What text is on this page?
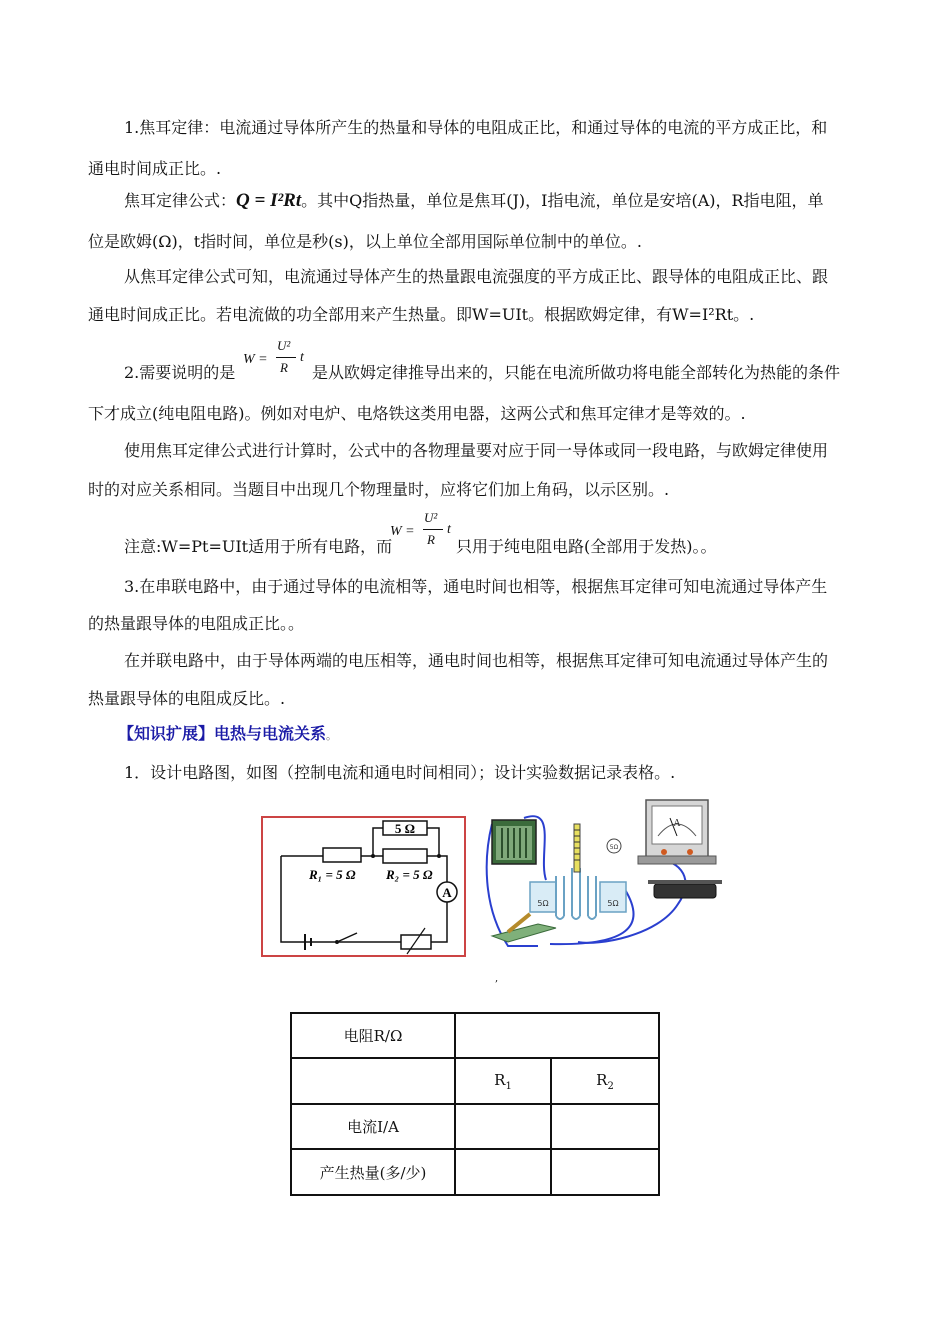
1.焦耳定律：电流通过导体所产生的热量和导体的电阻成正比，和通过导体的电流的平方成正比，和
通电时间成正比。.
焦耳定律公式：Q = I²Rt。其中Q指热量，单位是焦耳(J)，I指电流，单位是安培(A)，R指电阻，单
位是欧姆(Ω)，t指时间，单位是秒(s)，以上单位全部用国际单位制中的单位。.
从焦耳定律公式可知，电流通过导体产生的热量跟电流强度的平方成正比、跟导体的电阻成正比、跟
通电时间成正比。若电流做的功全部用来产生热量。即W=UIt。根据欧姆定律，有W=I²Rt。.
2.需要说明的是
W =
U²
R
t
是从欧姆定律推导出来的，只能在电流所做功将电能全部转化为热能的条件
下才成立(纯电阻电路)。例如对电炉、电烙铁这类用电器，这两公式和焦耳定律才是等效的。.
使用焦耳定律公式进行计算时，公式中的各物理量要对应于同一导体或同一段电路，与欧姆定律使用
时的对应关系相同。当题目中出现几个物理量时，应将它们加上角码，以示区别。.
注意:W=Pt=UIt适用于所有电路，而
W =
U²
R
t
只用于纯电阻电路(全部用于发热)。。
3.在串联电路中，由于通过导体的电流相等，通电时间也相等，根据焦耳定律可知电流通过导体产生
的热量跟导体的电阻成正比。。
在并联电路中，由于导体两端的电压相等，通电时间也相等，根据焦耳定律可知电流通过导体产生的
热量跟导体的电阻成反比。.
【知识扩展】电热与电流关系。
1．设计电路图，如图（控制电流和通电时间相同）；设计实验数据记录表格。.
A
5 Ω
R₁ = 5 Ω R₂ = 5 Ω
5Ω	5Ω
5Ω
A
,
电阻R/Ω		
	$R_1$	$R_2$
电流I/A		
产生热量(多/少)		
